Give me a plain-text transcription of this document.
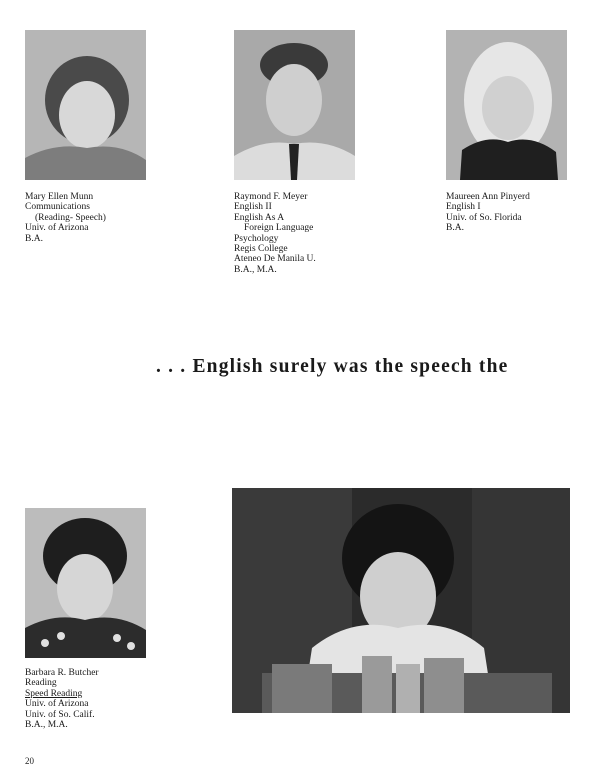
Mary Ellen Munn
Communications
(Reading- Speech)
Univ. of Arizona
B.A.
Raymond F. Meyer
English II
English As A
Foreign Language
Psychology
Regis College
Ateneo De Manila U.
B.A., M.A.
Maureen Ann Pinyerd
English I
Univ. of So. Florida
B.A.
. . . English surely was the speech the
Barbara R. Butcher
Reading
Speed Reading
Univ. of Arizona
Univ. of So. Calif.
B.A., M.A.
20
